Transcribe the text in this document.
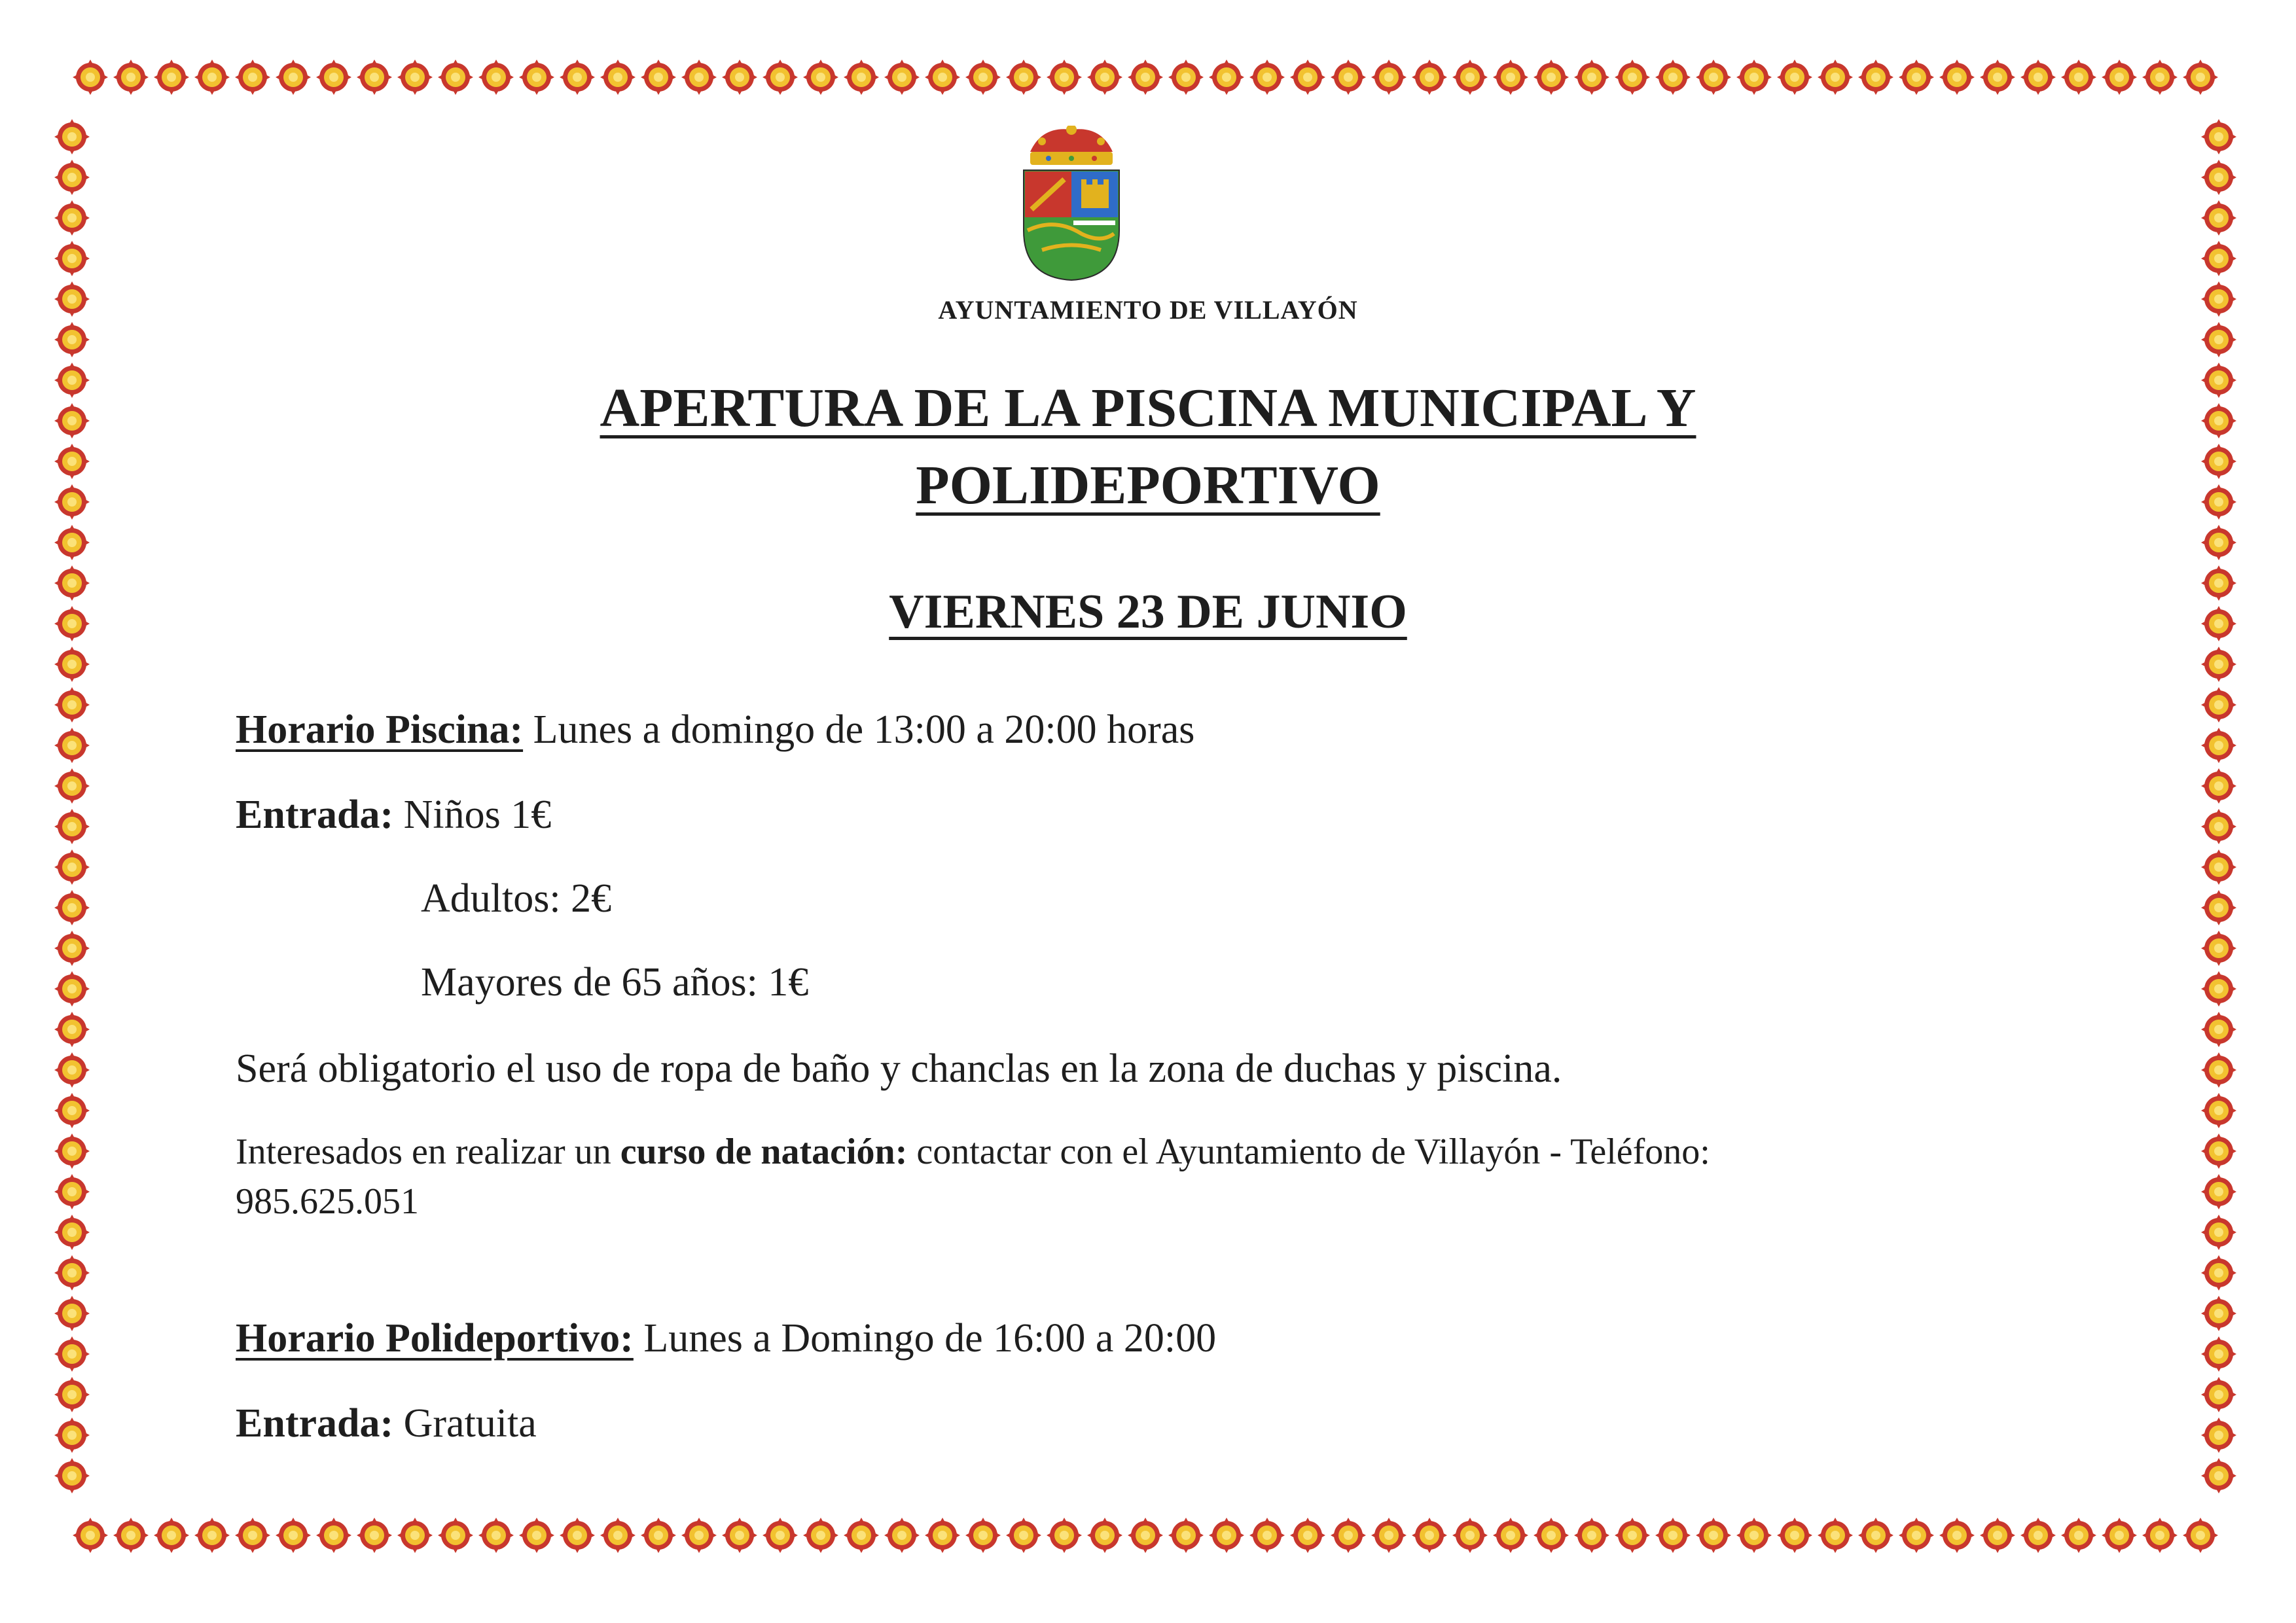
AYUNTAMIENTO DE VILLAYÓN
APERTURA DE LA PISCINA MUNICIPAL Y
POLIDEPORTIVO
VIERNES 23 DE JUNIO
Horario Piscina: Lunes a domingo de 13:00 a 20:00 horas
Entrada: Niños 1€
Adultos: 2€
Mayores de 65 años: 1€
Será obligatorio el uso de ropa de baño y chanclas en la zona de duchas y piscina.
Interesados en realizar un curso de natación: contactar con el Ayuntamiento de Villayón - Teléfono:
985.625.051
Horario Polideportivo: Lunes a Domingo de 16:00 a 20:00
Entrada: Gratuita
